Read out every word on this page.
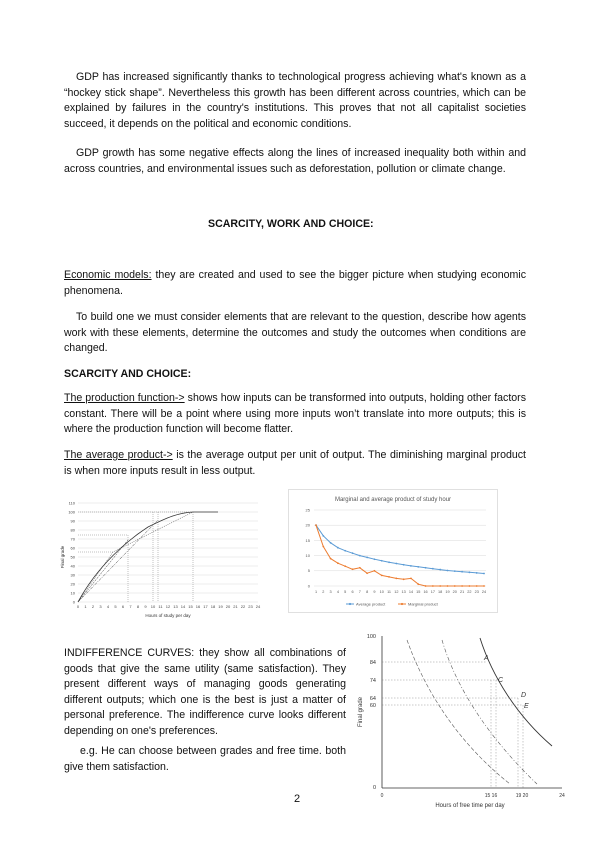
GDP has increased significantly thanks to technological progress achieving what's known as a “hockey stick shape”. Nevertheless this growth has been different across countries, which can be explained by failures in the country's institutions. This proves that not all capitalist societies succeed, it depends on the political and economic conditions.

GDP growth has some negative effects along the lines of increased inequality both within and across countries, and environmental issues such as deforestation, pollution or climate change.

SCARCITY, WORK AND CHOICE:

Economic models: they are created and used to see the bigger picture when studying economic phenomena.

To build one we must consider elements that are relevant to the question, describe how agents work with these elements, determine the outcomes and study the outcomes when conditions are changed.

SCARCITY AND CHOICE:

The production function-> shows how inputs can be transformed into outputs, holding other factors constant. There will be a point where using more inputs won’t translate into more outputs; this is where the production function will become flatter.

The average product-> is the average output per unit of output. The diminishing marginal product is when more inputs result in less output.

0
10
20
30
40
50
60
70
80
90
100
110
0 1 2 3 4 5 6 7 8 9 10 11 12 13 14 15 16 17 18 19 20 21 22 23 24
Final grade
Hours of study per day
Marginal and average product of study hour
0
5
10
15
20
25
1 2 3 4 5 6 7 8 9 10 11 12 13 14 15 16 17 18 19 20 21 22 23 24
Average product	Marginal product

INDIFFERENCE CURVES: they show all combinations of goods that give the same utility (same satisfaction). They present different ways of managing goods generating different outputs; which one is the best is just a matter of personal preference. The indifference curve looks different depending on one's preferences.

e.g. He can choose between grades and free time. both give them satisfaction.

100
84
74
64
60
0
0	15 16	19 20	24
Final grade
Hours of free time per day
A
C
D
E
2
